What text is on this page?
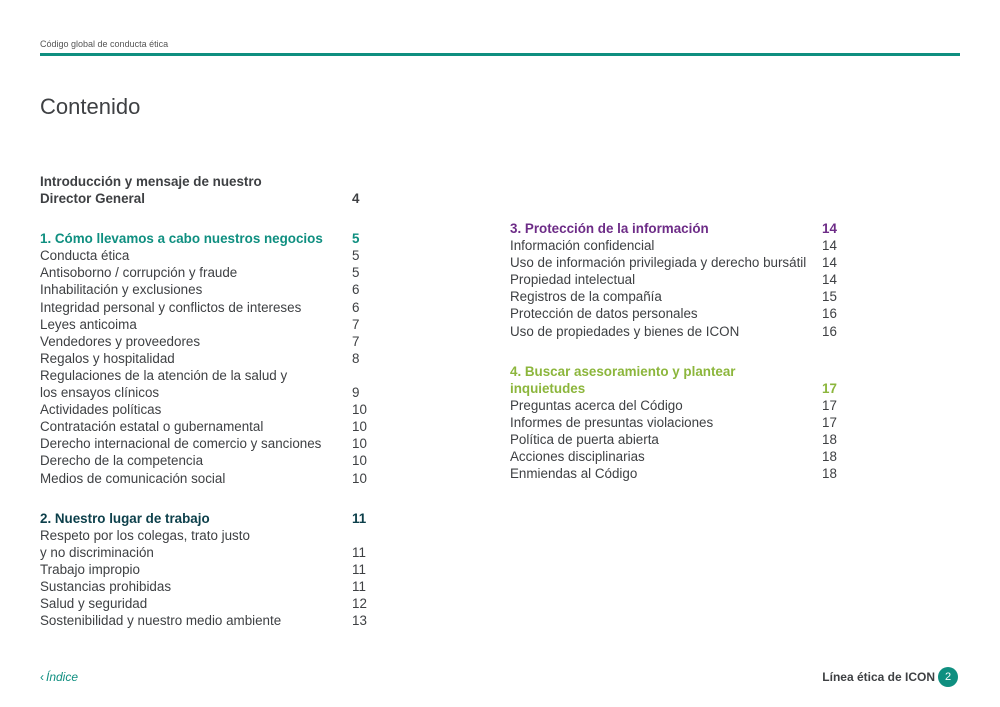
Código global de conducta ética
Contenido
Introducción y mensaje de nuestro
Director General	4
1. Cómo llevamos a cabo nuestros negocios 5
Conducta ética	5
Antisoborno / corrupción y fraude	5
Inhabilitación y exclusiones	6
Integridad personal y conflictos de intereses	6
Leyes anticoima	7
Vendedores y proveedores	7
Regalos y hospitalidad	8
Regulaciones de la atención de la salud y
los ensayos clínicos	9
Actividades políticas	10
Contratación estatal o gubernamental	10
Derecho internacional de comercio y sanciones 10
Derecho de la competencia	10
Medios de comunicación social	10
2. Nuestro lugar de trabajo	11
Respeto por los colegas, trato justo
y no discriminación	11
Trabajo impropio	11
Sustancias prohibidas	11
Salud y seguridad	12
Sostenibilidad y nuestro medio ambiente	13
3. Protección de la información	14
Información confidencial	14
Uso de información privilegiada y derecho bursátil 14
Propiedad intelectual	14
Registros de la compañía	15
Protección de datos personales	16
Uso de propiedades y bienes de ICON	16
4. Buscar asesoramiento y plantear
inquietudes	17
Preguntas acerca del Código	17
Informes de presuntas violaciones	17
Política de puerta abierta	18
Acciones disciplinarias	18
Enmiendas al Código	18
‹ Índice	Línea ética de ICON 2
